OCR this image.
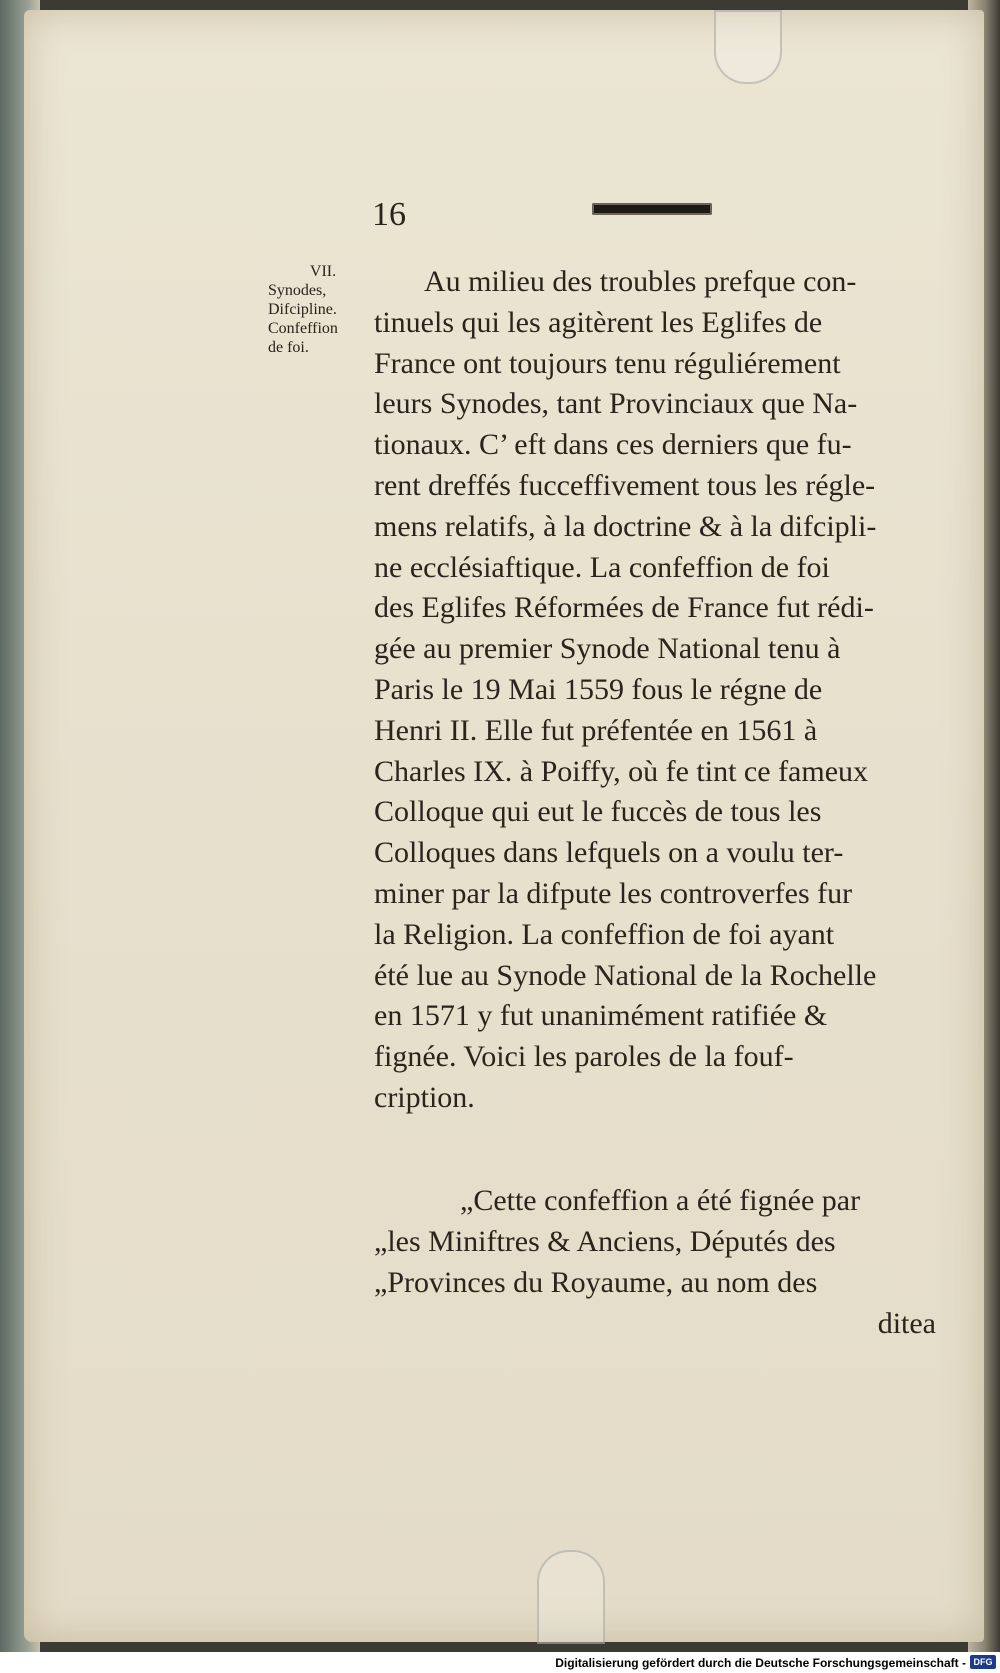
16
VII.
Synodes,
Difcipline.
Confeffion
de foi.
Au milieu des troubles prefque con-
tinuels qui les agitèrent les Eglifes de
France ont toujours tenu réguliérement
leurs Synodes, tant Provinciaux que Na-
tionaux. C’ eft dans ces derniers que fu-
rent dreffés fucceffivement tous les régle-
mens relatifs, à la doctrine & à la difcipli-
ne ecclésiaftique. La confeffion de foi
des Eglifes Réformées de France fut rédi-
gée au premier Synode National tenu à
Paris le 19 Mai 1559 fous le régne de
Henri II. Elle fut préfentée en 1561 à
Charles IX. à Poiffy, où fe tint ce fameux
Colloque qui eut le fuccès de tous les
Colloques dans lefquels on a voulu ter-
miner par la difpute les controverfes fur
la Religion. La confeffion de foi ayant
été lue au Synode National de la Rochelle
en 1571 y fut unanimément ratifiée &
fignée. Voici les paroles de la fouf-
cription.
„Cette confeffion a été fignée par
„les Miniftres & Anciens, Députés des
„Provinces du Royaume, au nom des
ditea
Digitalisierung gefördert durch die Deutsche Forschungsgemeinschaft - DFG
